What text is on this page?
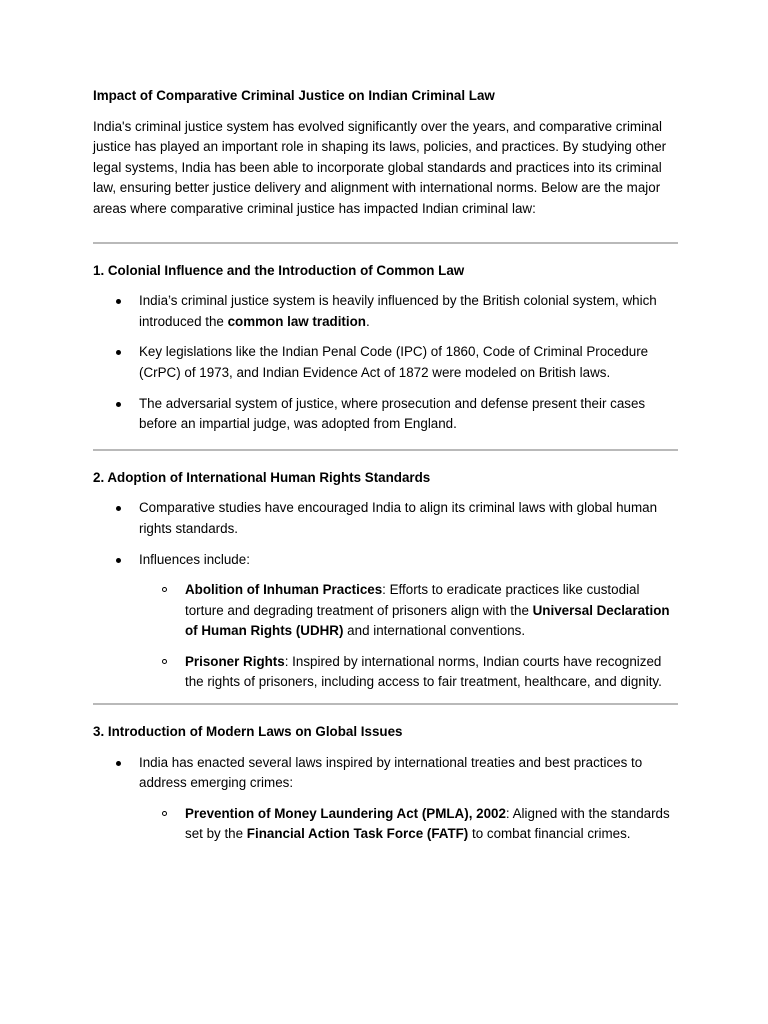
Impact of Comparative Criminal Justice on Indian Criminal Law

India's criminal justice system has evolved significantly over the years, and comparative criminal justice has played an important role in shaping its laws, policies, and practices. By studying other legal systems, India has been able to incorporate global standards and practices into its criminal law, ensuring better justice delivery and alignment with international norms. Below are the major areas where comparative criminal justice has impacted Indian criminal law:

1. Colonial Influence and the Introduction of Common Law
India’s criminal justice system is heavily influenced by the British colonial system, which introduced the common law tradition.
Key legislations like the Indian Penal Code (IPC) of 1860, Code of Criminal Procedure (CrPC) of 1973, and Indian Evidence Act of 1872 were modeled on British laws.
The adversarial system of justice, where prosecution and defense present their cases before an impartial judge, was adopted from England.
2. Adoption of International Human Rights Standards
Comparative studies have encouraged India to align its criminal laws with global human rights standards.
Influences include:
Abolition of Inhuman Practices: Efforts to eradicate practices like custodial torture and degrading treatment of prisoners align with the Universal Declaration of Human Rights (UDHR) and international conventions.
Prisoner Rights: Inspired by international norms, Indian courts have recognized the rights of prisoners, including access to fair treatment, healthcare, and dignity.
3. Introduction of Modern Laws on Global Issues
India has enacted several laws inspired by international treaties and best practices to address emerging crimes:
Prevention of Money Laundering Act (PMLA), 2002: Aligned with the standards set by the Financial Action Task Force (FATF) to combat financial crimes.
